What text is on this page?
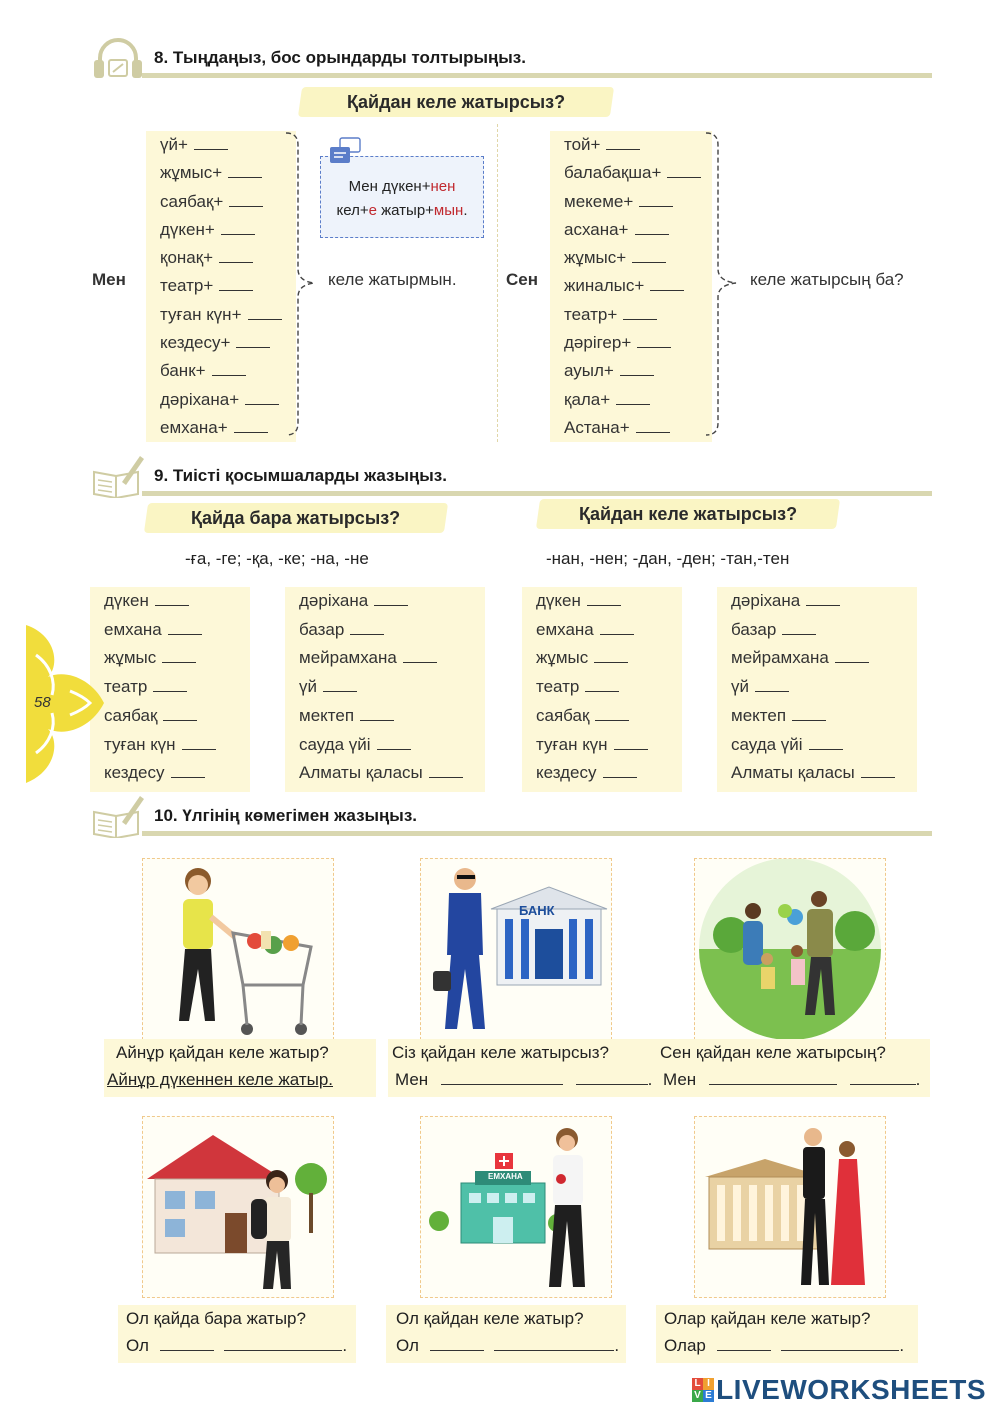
8. Тыңдаңыз, бос орындарды толтырыңыз.
Қайдан келе жатырсыз?
Мен
үй+
жұмыс+
саябақ+
дүкен+
қонақ+
театр+
туған күн+
кездесу+
банк+
дәріхана+
емхана+
келе жатырмын.
Мен дүкен+нен
кел+е жатыр+мын.
Сен
той+
балабақша+
мекеме+
асхана+
жұмыс+
жиналыс+
театр+
дәрігер+
ауыл+
қала+
Астана+
келе жатырсың ба?
9. Тиісті қосымшаларды жазыңыз.
Қайда бара жатырсыз?	Қайдан келе жатырсыз?
-ға, -ге; -қа, -ке; -на, -не	-нан, -нен; -дан, -ден; -тан,-тен
дүкен
емхана
жұмыс
театр
саябақ
туған күн
кездесу
дәріхана
базар
мейрамхана
үй
мектеп
сауда үйі
Алматы қаласы
дүкен
емхана
жұмыс
театр
саябақ
туған күн
кездесу
дәріхана
базар
мейрамхана
үй
мектеп
сауда үйі
Алматы қаласы
58
10. Үлгінің көмегімен жазыңыз.
БАНК
Айнұр қайдан келе жатыр?
Айнұр дүкеннен келе жатыр.
Сіз қайдан келе жатырсыз?
Мен	.
Сен қайдан келе жатырсың?
Мен	.
ЕМХАНА
Ол қайда бара жатыр?
Ол	.
Ол қайдан келе жатыр?
Ол	.
Олар қайдан келе жатыр?
Олар	.
L I
V E LIVEWORKSHEETS
